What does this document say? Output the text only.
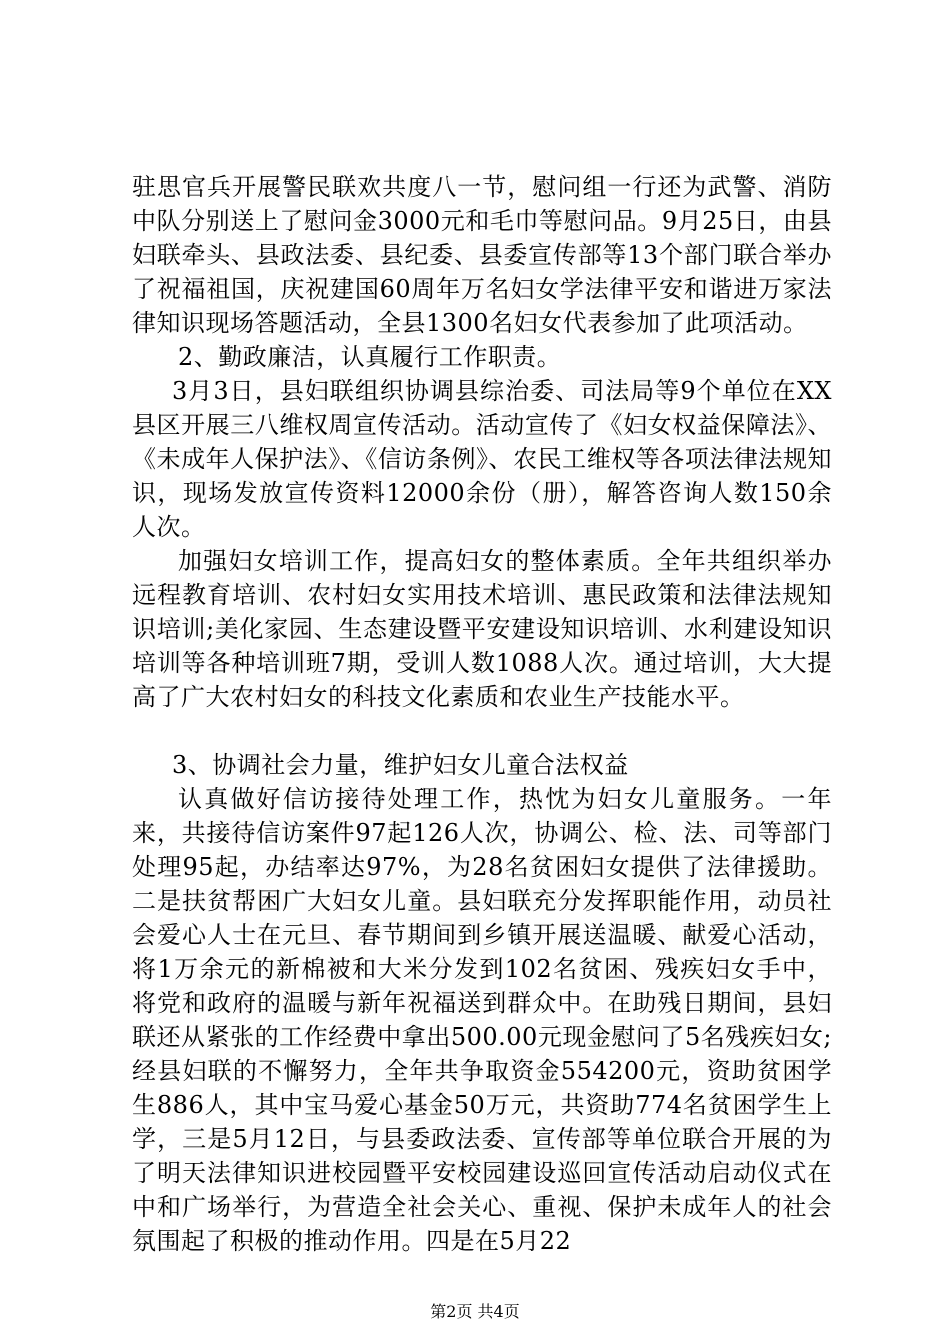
驻思官兵开展警民联欢共度八一节，慰问组一行还为武警、消防中队分别送上了慰问金3000元和毛巾等慰问品。9月25日，由县妇联牵头、县政法委、县纪委、县委宣传部等13个部门联合举办了祝福祖国，庆祝建国60周年万名妇女学法律平安和谐进万家法律知识现场答题活动，全县1300名妇女代表参加了此项活动。

2、勤政廉洁，认真履行工作职责。

3月3日，县妇联组织协调县综治委、司法局等9个单位在XX县区开展三八维权周宣传活动。活动宣传了《妇女权益保障法》、《未成年人保护法》、《信访条例》、农民工维权等各项法律法规知识，现场发放宣传资料12000余份（册），解答咨询人数150余人次。

加强妇女培训工作，提高妇女的整体素质。全年共组织举办远程教育培训、农村妇女实用技术培训、惠民政策和法律法规知识培训;美化家园、生态建设暨平安建设知识培训、水利建设知识培训等各种培训班7期，受训人数1088人次。通过培训，大大提高了广大农村妇女的科技文化素质和农业生产技能水平。

3、协调社会力量，维护妇女儿童合法权益

认真做好信访接待处理工作，热忱为妇女儿童服务。一年来，共接待信访案件97起126人次，协调公、检、法、司等部门处理95起，办结率达97%，为28名贫困妇女提供了法律援助。二是扶贫帮困广大妇女儿童。县妇联充分发挥职能作用，动员社会爱心人士在元旦、春节期间到乡镇开展送温暖、献爱心活动，将1万余元的新棉被和大米分发到102名贫困、残疾妇女手中，将党和政府的温暖与新年祝福送到群众中。在助残日期间，县妇联还从紧张的工作经费中拿出500.00元现金慰问了5名残疾妇女;经县妇联的不懈努力，全年共争取资金554200元，资助贫困学生886人，其中宝马爱心基金50万元，共资助774名贫困学生上学，三是5月12日，与县委政法委、宣传部等单位联合开展的为了明天法律知识进校园暨平安校园建设巡回宣传活动启动仪式在中和广场举行，为营造全社会关心、重视、保护未成年人的社会氛围起了积极的推动作用。四是在5月22

第2页 共4页
